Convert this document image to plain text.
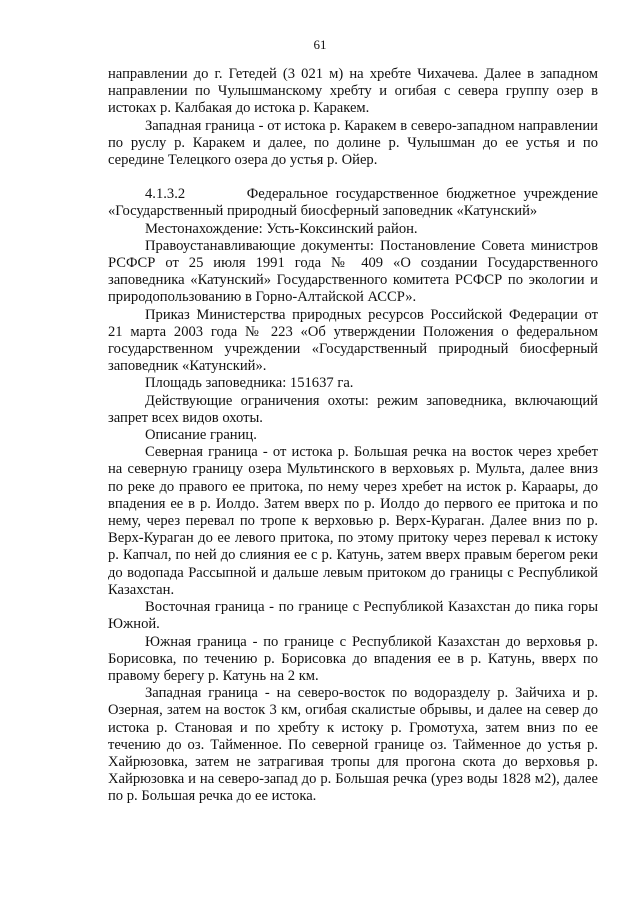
61

направлении до г. Гетедей (3 021 м) на хребте Чихачева. Далее в западном направлении по Чулышманскому хребту и огибая с севера группу озер в истоках р. Калбакая до истока р. Каракем.

Западная граница - от истока р. Каракем в северо-западном направлении по руслу р. Каракем и далее, по долине р. Чулышман до ее устья и по середине Телецкого озера до устья р. Ойер.

4.1.3.2        Федеральное государственное бюджетное учреждение «Государственный природный биосферный заповедник «Катунский»

Местонахождение: Усть-Коксинский район.

Правоустанавливающие документы: Постановление Совета министров РСФСР от 25 июля 1991 года № 409 «О создании Государственного заповедника «Катунский» Государственного комитета РСФСР по экологии и природопользованию в Горно-Алтайской АССР».

Приказ Министерства природных ресурсов Российской Федерации от 21 марта 2003 года № 223 «Об утверждении Положения о федеральном государственном учреждении «Государственный природный биосферный заповедник «Катунский».

Площадь заповедника: 151637 га.

Действующие ограничения охоты: режим заповедника, включающий запрет всех видов охоты.

Описание границ.

Северная граница - от истока р. Большая речка на восток через хребет на северную границу озера Мультинского в верховьях р. Мульта, далее вниз по реке до правого ее притока, по нему через хребет на исток р. Караары, до впадения ее в р. Иолдо. Затем вверх по р. Иолдо до первого ее притока и по нему, через перевал по тропе к верховью р. Верх-Кураган. Далее вниз по р. Верх-Кураган до ее левого притока, по этому притоку через перевал к истоку р. Капчал, по ней до слияния ее с р. Катунь, затем вверх правым берегом реки до водопада Рассыпной и дальше левым притоком до границы с Республикой Казахстан.

Восточная граница - по границе с Республикой Казахстан до пика горы Южной.

Южная граница - по границе с Республикой Казахстан до верховья р. Борисовка, по течению р. Борисовка до впадения ее в р. Катунь, вверх по правому берегу р. Катунь на 2 км.

Западная граница - на северо-восток по водоразделу р. Зайчиха и р. Озерная, затем на восток 3 км, огибая скалистые обрывы, и далее на север до истока р. Становая и по хребту к истоку р. Громотуха, затем вниз по ее течению до оз. Тайменное. По северной границе оз. Тайменное до устья р. Хайрюзовка, затем не затрагивая тропы для прогона скота до верховья р. Хайрюзовка и на северо-запад до р. Большая речка (урез воды 1828 м2), далее по р. Большая речка до ее истока.
